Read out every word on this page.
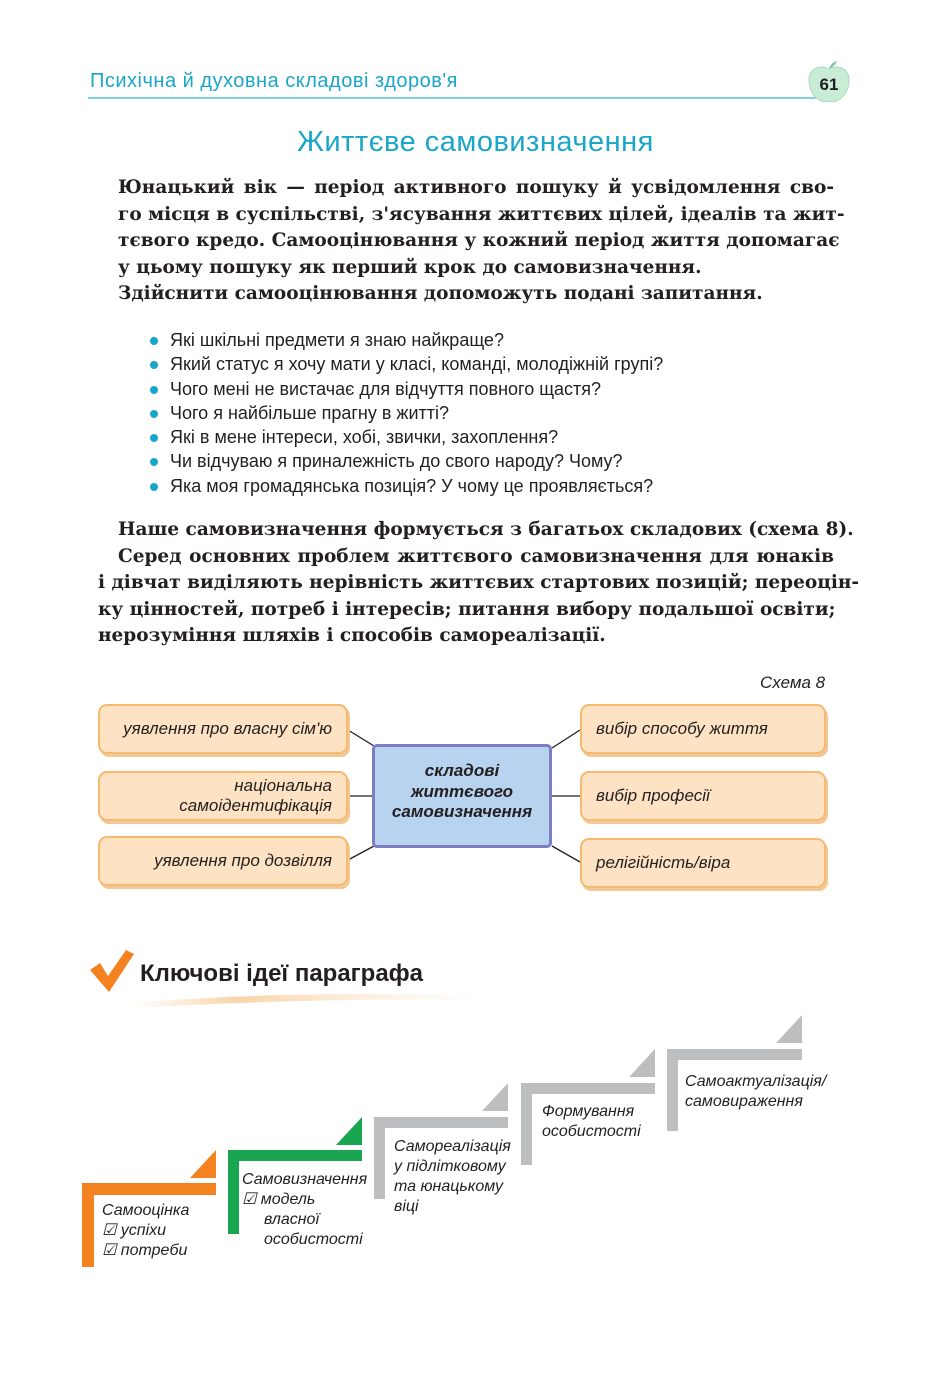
Психічна й духовна складові здоров'я	61
Життєве самовизначення
Юнацький вік — період активного пошуку й усвідомлення сво-
го місця в суспільстві, з'ясування життєвих цілей, ідеалів та жит-
тєвого кредо. Самооцінювання у кожний період життя допомагає
у цьому пошуку як перший крок до самовизначення.
Здійснити самооцінювання допоможуть подані запитання.
Які шкільні предмети я знаю найкраще?
Який статус я хочу мати у класі, команді, молодіжній групі?
Чого мені не вистачає для відчуття повного щастя?
Чого я найбільше прагну в житті?
Які в мене інтереси, хобі, звички, захоплення?
Чи відчуваю я приналежність до свого народу? Чому?
Яка моя громадянська позиція? У чому це проявляється?
Наше самовизначення формується з багатьох складових (схема 8).
Серед основних проблем життєвого самовизначення для юнаків
і дівчат виділяють нерівність життєвих стартових позицій; переоцін-
ку цінностей, потреб і інтересів; питання вибору подальшої освіти;
нерозуміння шляхів і способів самореалізації.
Схема 8
уявлення про власну сім'ю
національна
самоідентифікація
уявлення про дозвілля
складові
життєвого
самовизначення
вибір способу життя
вибір професії
релігійність/віра
Ключові ідеї параграфа
Самооцінка
☑ успіхи
☑ потреби
Самовизначення
☑ модель
власної
особистості
Самореалізація
у підлітковому
та юнацькому
віці
Формування
особистості
Самоактуалізація/
самовираження
